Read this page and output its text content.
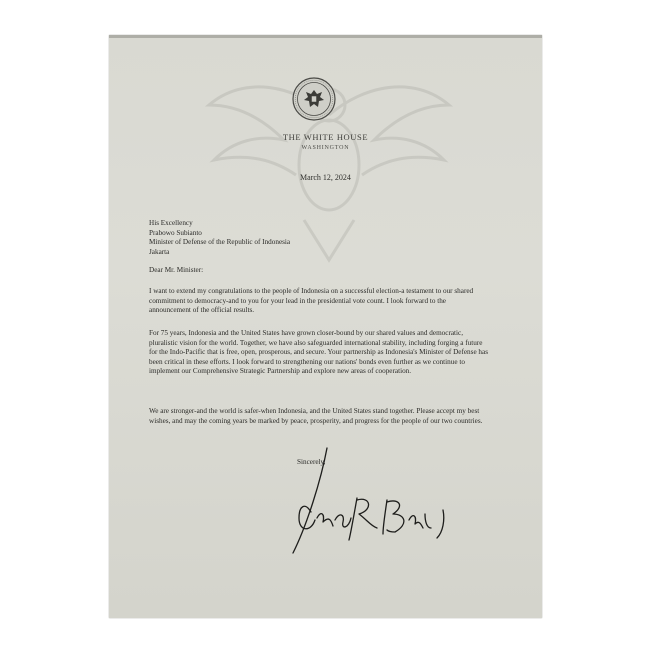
THE WHITE HOUSE
WASHINGTON
March 12, 2024
His Excellency
Prabowo Subianto
Minister of Defense of the Republic of Indonesia
Jakarta
Dear Mr. Minister:

I want to extend my congratulations to the people of Indonesia on a successful election-a testament to our shared commitment to democracy-and to you for your lead in the presidential vote count. I look forward to the announcement of the official results.

For 75 years, Indonesia and the United States have grown closer-bound by our shared values and democratic, pluralistic vision for the world. Together, we have also safeguarded international stability, including forging a future for the Indo-Pacific that is free, open, prosperous, and secure. Your partnership as Indonesia's Minister of Defense has been critical in these efforts. I look forward to strengthening our nations' bonds even further as we continue to implement our Comprehensive Strategic Partnership and explore new areas of cooperation.

We are stronger-and the world is safer-when Indonesia, and the United States stand together. Please accept my best wishes, and may the coming years be marked by peace, prosperity, and progress for the people of our two countries.

Sincerely,
